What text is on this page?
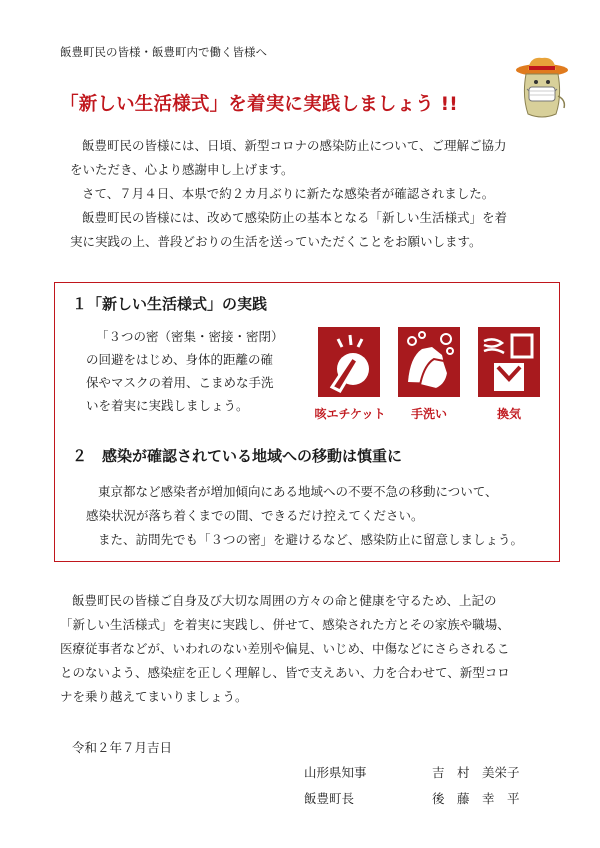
飯豊町民の皆様・飯豊町内で働く皆様へ
「新しい生活様式」を着実に実践しましょう !!
飯豊町民の皆様には、日頃、新型コロナの感染防止について、ご理解ご協力
をいただき、心より感謝申し上げます。
さて、７月４日、本県で約２カ月ぶりに新たな感染者が確認されました。
飯豊町民の皆様には、改めて感染防止の基本となる「新しい生活様式」を着
実に実践の上、普段どおりの生活を送っていただくことをお願いします。
１「新しい生活様式」の実践
「３つの密（密集・密接・密閉）
の回避をはじめ、身体的距離の確
保やマスクの着用、こまめな手洗
いを着実に実践しましょう。
咳エチケット	手洗い	換気
２　感染が確認されている地域への移動は慎重に
東京都など感染者が増加傾向にある地域への不要不急の移動について、
感染状況が落ち着くまでの間、できるだけ控えてください。
また、訪問先でも「３つの密」を避けるなど、感染防止に留意しましょう。
飯豊町民の皆様ご自身及び大切な周囲の方々の命と健康を守るため、上記の
「新しい生活様式」を着実に実践し、併せて、感染された方とその家族や職場、
医療従事者などが、いわれのない差別や偏見、いじめ、中傷などにさらされるこ
とのないよう、感染症を正しく理解し、皆で支えあい、力を合わせて、新型コロ
ナを乗り越えてまいりましょう。
令和２年７月吉日
山形県知事	吉　村　美栄子
飯豊町長	後　藤　幸　平
